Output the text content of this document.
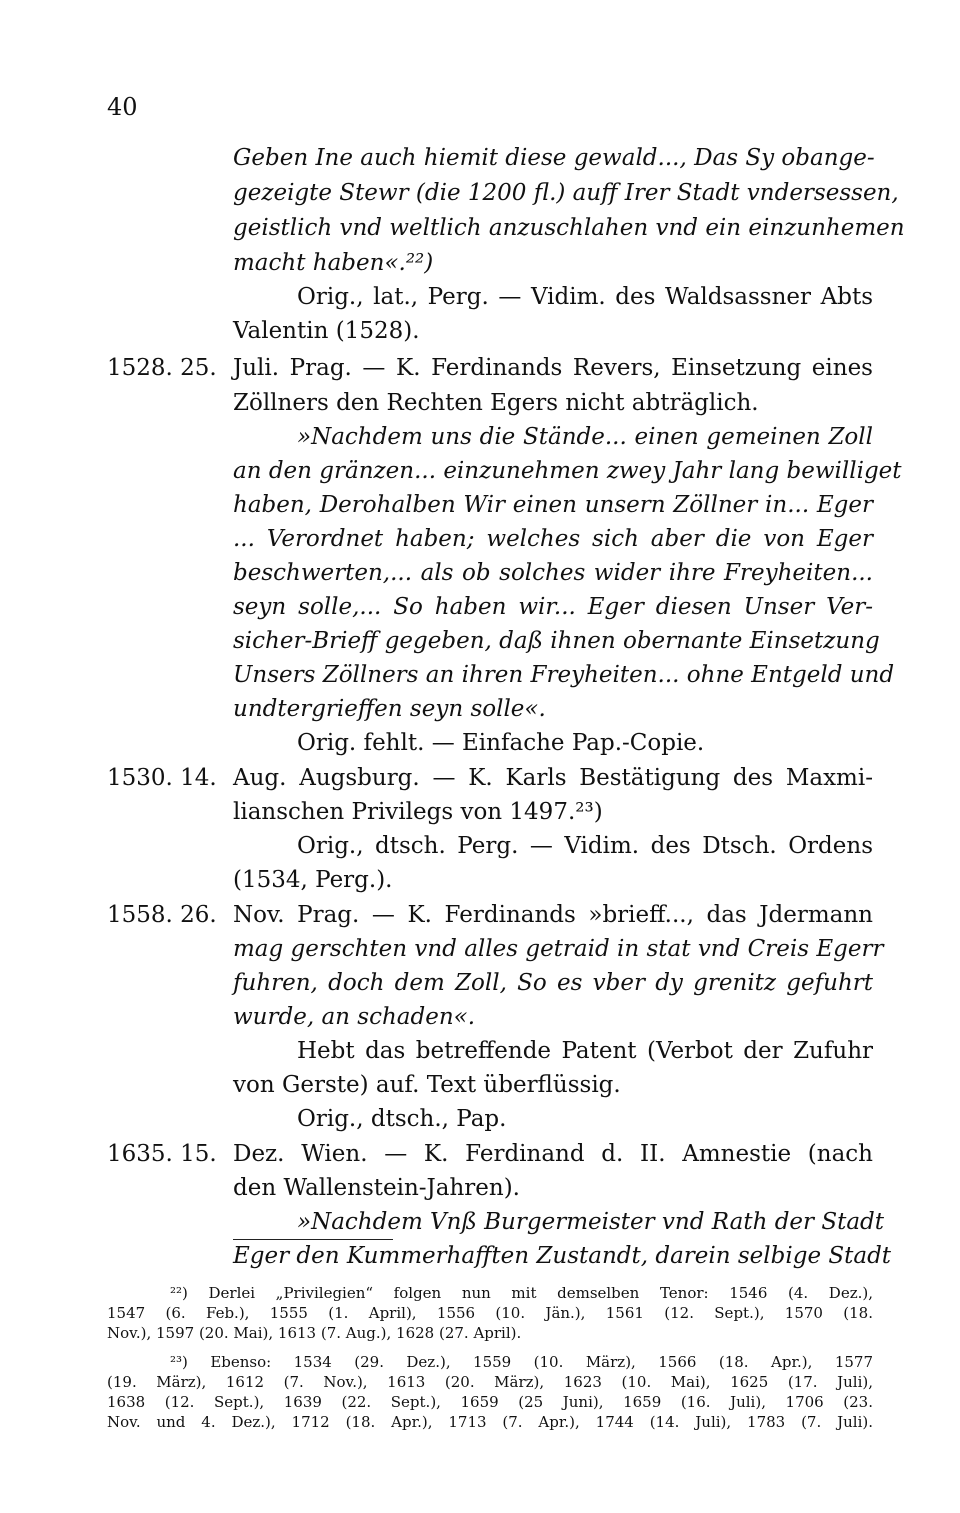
40
Geben Ine auch hiemit diese gewald..., Das Sy obange-
gezeigte Stewr (die 1200 fl.) auff Irer Stadt vndersessen,
geistlich vnd weltlich anzuschlahen vnd ein einzunhemen
macht haben«.²²)
Orig., lat., Perg. — Vidim. des Waldsassner Abts
Valentin (1528).
1528. 25. Juli. Prag. — K. Ferdinands Revers, Einsetzung eines
Zöllners den Rechten Egers nicht abträglich.
»Nachdem uns die Stände... einen gemeinen Zoll
an den gränzen... einzunehmen zwey Jahr lang bewilliget
haben, Derohalben Wir einen unsern Zöllner in... Eger
... Verordnet haben; welches sich aber die von Eger
beschwerten,... als ob solches wider ihre Freyheiten...
seyn solle,... So haben wir... Eger diesen Unser Ver-
sicher-Brieff gegeben, daß ihnen obernante Einsetzung
Unsers Zöllners an ihren Freyheiten... ohne Entgeld und
undtergrieffen seyn solle«.
Orig. fehlt. — Einfache Pap.-Copie.
1530. 14. Aug. Augsburg. — K. Karls Bestätigung des Maxmi-
lianschen Privilegs von 1497.²³)
Orig., dtsch. Perg. — Vidim. des Dtsch. Ordens
(1534, Perg.).
1558. 26. Nov. Prag. — K. Ferdinands »brieff..., das Jdermann
mag gerschten vnd alles getraid in stat vnd Creis Egerr
fuhren, doch dem Zoll, So es vber dy grenitz gefuhrt
wurde, an schaden«.
Hebt das betreffende Patent (Verbot der Zufuhr
von Gerste) auf. Text überflüssig.
Orig., dtsch., Pap.
1635. 15. Dez. Wien. — K. Ferdinand d. II. Amnestie (nach
den Wallenstein-Jahren).
»Nachdem Vnß Burgermeister vnd Rath der Stadt
Eger den Kummerhafften Zustandt, darein selbige Stadt
²²) Derlei „Privilegien“ folgen nun mit demselben Tenor: 1546 (4. Dez.),
1547 (6. Feb.), 1555 (1. April), 1556 (10. Jän.), 1561 (12. Sept.), 1570 (18.
Nov.), 1597 (20. Mai), 1613 (7. Aug.), 1628 (27. April).
²³) Ebenso: 1534 (29. Dez.), 1559 (10. März), 1566 (18. Apr.), 1577
(19. März), 1612 (7. Nov.), 1613 (20. März), 1623 (10. Mai), 1625 (17. Juli),
1638 (12. Sept.), 1639 (22. Sept.), 1659 (25 Juni), 1659 (16. Juli), 1706 (23.
Nov. und 4. Dez.), 1712 (18. Apr.), 1713 (7. Apr.), 1744 (14. Juli), 1783 (7. Juli).
